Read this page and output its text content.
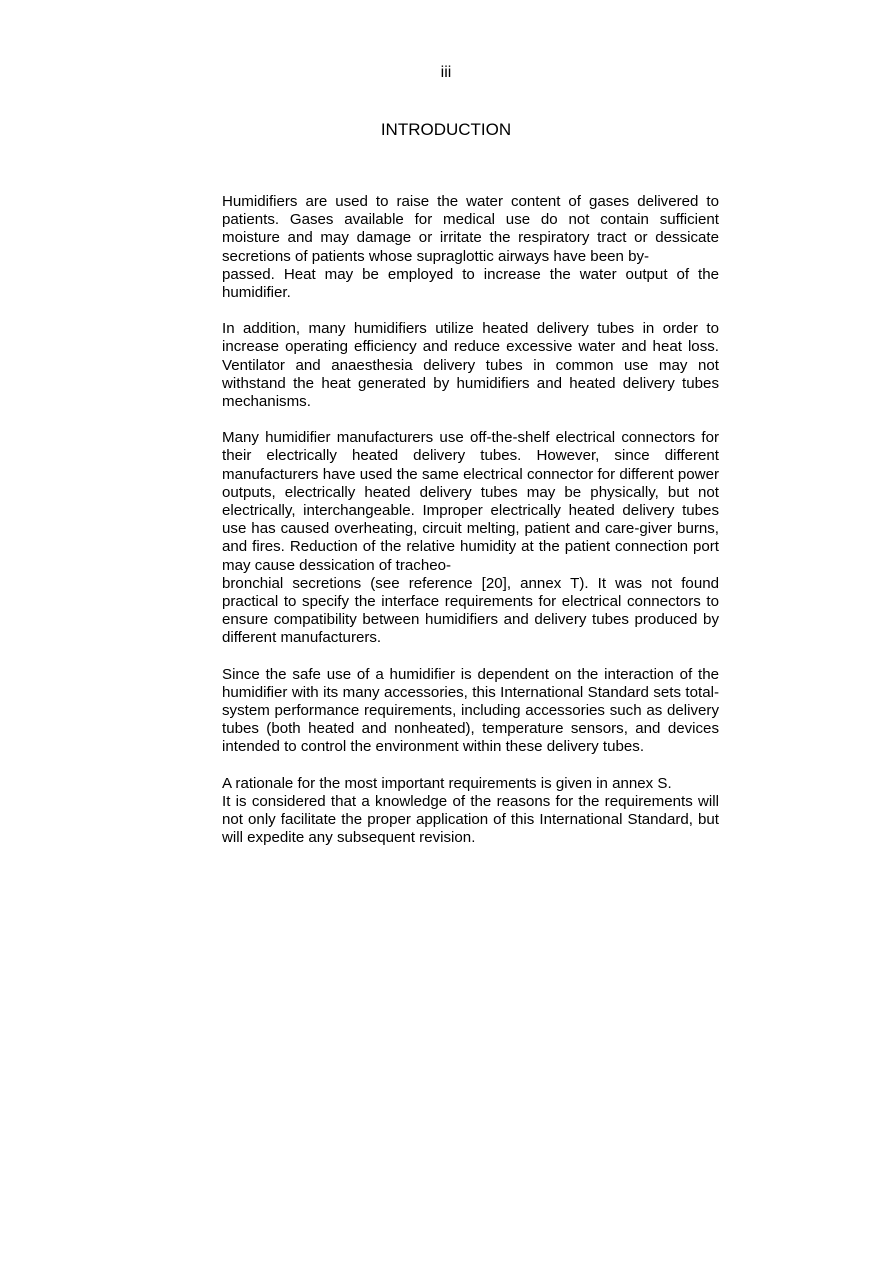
iii
INTRODUCTION

Humidifiers are used to raise the water content of gases delivered to patients. Gases available for medical use do not contain sufficient moisture and may damage or irritate the respiratory tract or dessicate secretions of patients whose supraglottic airways have been by-
passed. Heat may be employed to increase the water output of the humidifier.

In addition, many humidifiers utilize heated delivery tubes in order to increase operating efficiency and reduce excessive water and heat loss. Ventilator and anaesthesia delivery tubes in common use may not withstand the heat generated by humidifiers and heated delivery tubes mechanisms.

Many humidifier manufacturers use off-the-shelf electrical connectors for their electrically heated delivery tubes. However, since different manufacturers have used the same electrical connector for different power outputs, electrically heated delivery tubes may be physically, but not electrically, interchangeable. Improper electrically heated delivery tubes use has caused overheating, circuit melting, patient and care-giver burns, and fires. Reduction of the relative humidity at the patient connection port may cause dessication of tracheo-
bronchial secretions (see reference [20], annex T). It was not found practical to specify the interface requirements for electrical connectors to ensure compatibility between humidifiers and delivery tubes produced by different manufacturers.

Since the safe use of a humidifier is dependent on the interaction of the humidifier with its many accessories, this International Standard sets total-system performance requirements, including accessories such as delivery tubes (both heated and nonheated), temperature sensors, and devices intended to control the environment within these delivery tubes.

A rationale for the most important requirements is given in annex S.
It is considered that a knowledge of the reasons for the requirements will not only facilitate the proper application of this International Standard, but will expedite any subsequent revision.
